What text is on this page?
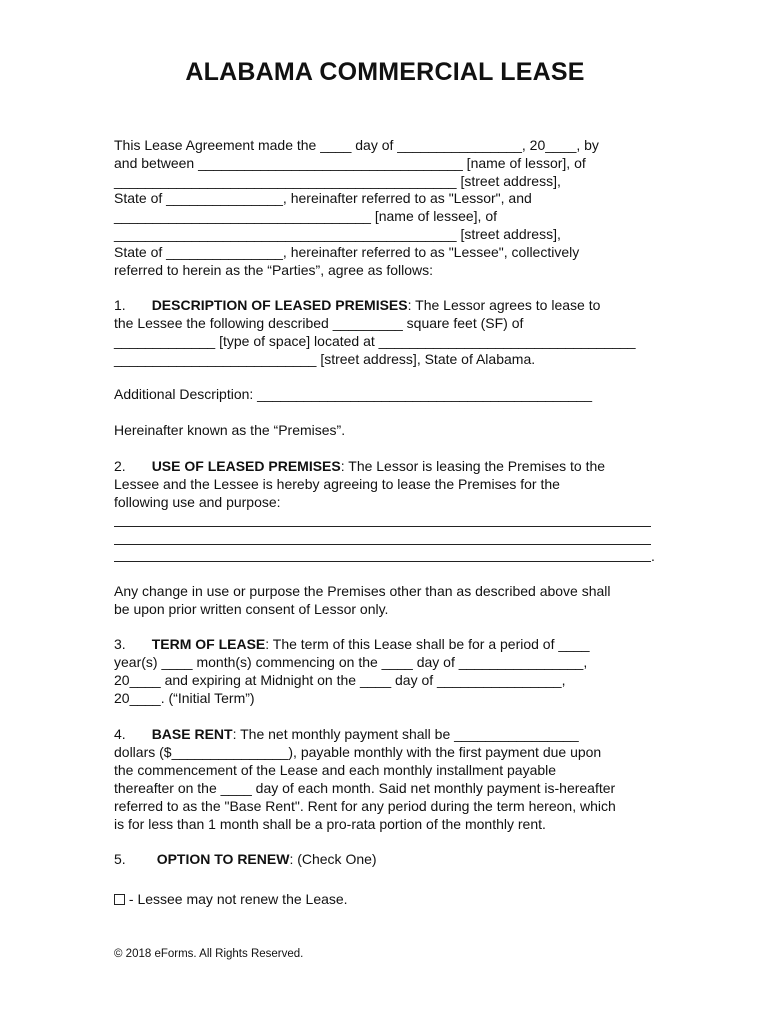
ALABAMA COMMERCIAL LEASE
This Lease Agreement made the ____ day of ________________, 20____, by
and between __________________________________ [name of lessor], of
____________________________________________ [street address],
State of _______________, hereinafter referred to as "Lessor", and
_________________________________ [name of lessee], of
____________________________________________ [street address],
State of _______________, hereinafter referred to as "Lessee", collectively
referred to herein as the “Parties”, agree as follows:
1. DESCRIPTION OF LEASED PREMISES: The Lessor agrees to lease to
the Lessee the following described _________ square feet (SF) of
_____________ [type of space] located at _________________________________
__________________________ [street address], State of Alabama.
Additional Description: ___________________________________________
Hereinafter known as the “Premises”.
2. USE OF LEASED PREMISES: The Lessor is leasing the Premises to the
Lessee and the Lessee is hereby agreeing to lease the Premises for the
following use and purpose:
.
Any change in use or purpose the Premises other than as described above shall
be upon prior written consent of Lessor only.
3. TERM OF LEASE: The term of this Lease shall be for a period of ____
year(s) ____ month(s) commencing on the ____ day of ________________,
20____ and expiring at Midnight on the ____ day of ________________,
20____. (“Initial Term”)
4. BASE RENT: The net monthly payment shall be ________________
dollars ($_______________), payable monthly with the first payment due upon
the commencement of the Lease and each monthly installment payable
thereafter on the ____ day of each month. Said net monthly payment is-hereafter
referred to as the "Base Rent". Rent for any period during the term hereon, which
is for less than 1 month shall be a pro-rata portion of the monthly rent.
5. OPTION TO RENEW: (Check One)
- Lessee may not renew the Lease.
© 2018 eForms. All Rights Reserved.
